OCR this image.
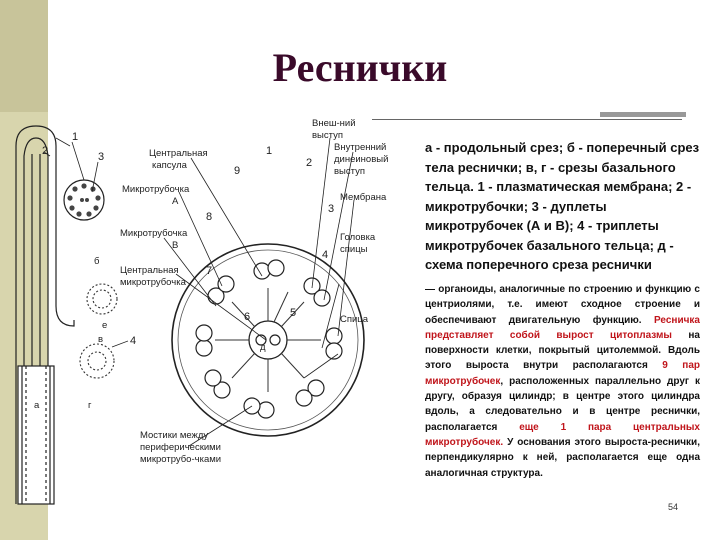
Реснички
Центральная
капсула
Микротрубочка
А
Микротрубочка
В
Центральная
микротрубочка
Мостики между
периферическими
микротрубо-чками
Внеш-ний
выступ
Внутренний
динеиновый
выступ
Мембрана
Головка
спицы
Спица
1
2	3
4
1
2
3
4
5
6
7
8
9
б
в
г
д
а
е

а - продольный срез; б - поперечный срез тела реснички; в, г - срезы базального тельца. 1 - плазматическая мембрана; 2 - микротрубочки; 3 - дуплеты микротрубочек (А и В); 4 - триплеты микротрубочек базального тельца; д - схема поперечного среза реснички

— органоиды, аналогичные по строению и функцию с центриолями, т.е. имеют сходное строение и обеспечивают двигательную функцию. Ресничка представляет собой вырост цитоплазмы на поверхности клетки, покрытый цитолеммой. Вдоль этого выроста внутри располагаются 9 пар микротрубочек, расположенных параллельно друг к другу, образуя цилиндр; в центре этого цилиндра вдоль, а следовательно и в центре реснички, располагается еще 1 пара центральных микротрубочек. У основания этого выроста-реснички, перпендикулярно к ней, располагается еще одна аналогичная структура.

54
